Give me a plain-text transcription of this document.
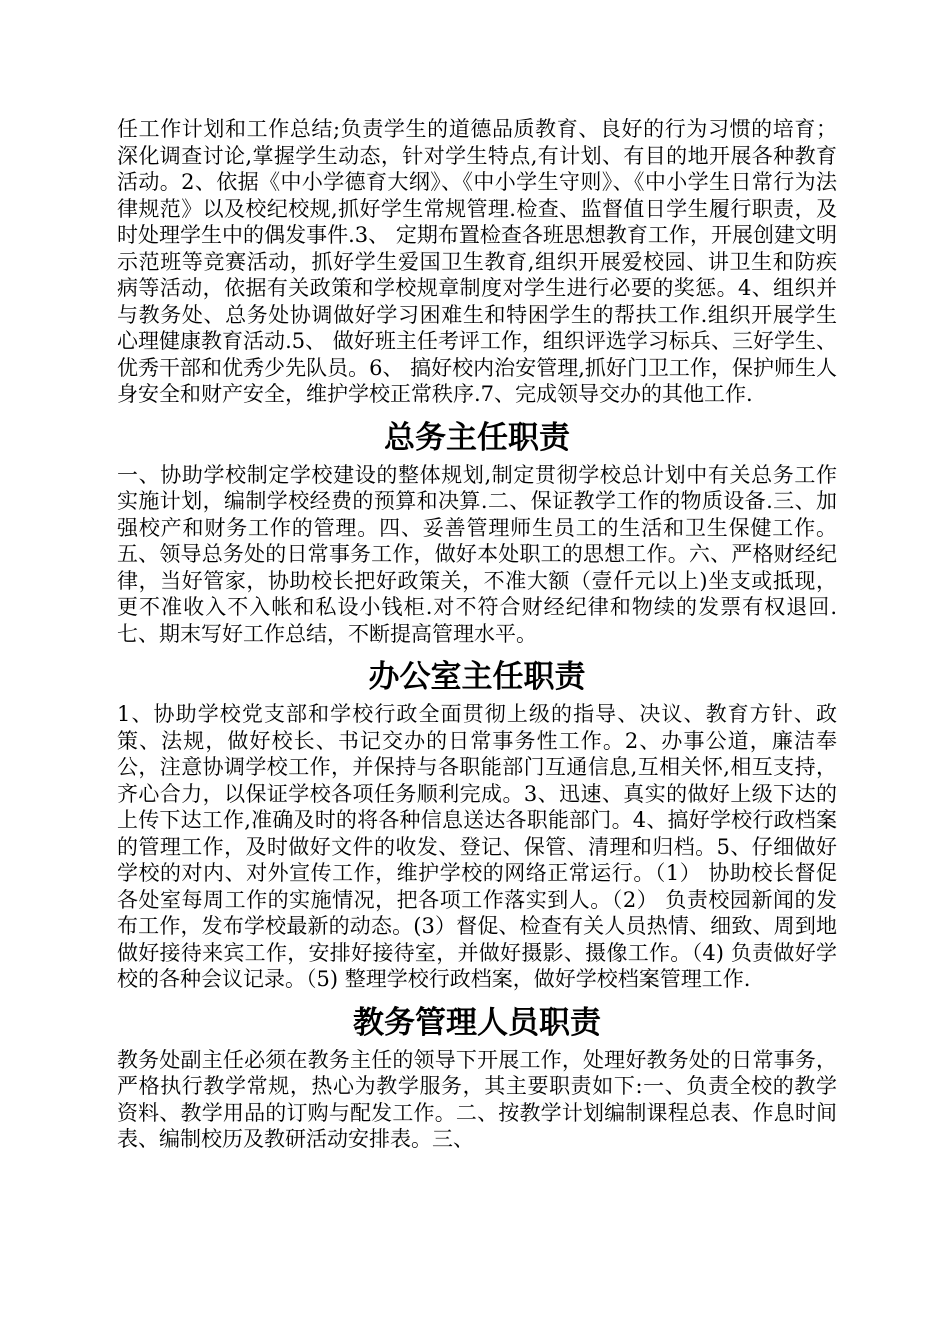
任工作计划和工作总结;负责学生的道德品质教育、良好的行为习惯的培育；深化调查讨论,掌握学生动态，针对学生特点,有计划、有目的地开展各种教育活动。2、依据《中小学德育大纲》、《中小学生守则》、《中小学生日常行为法律规范》以及校纪校规,抓好学生常规管理.检查、监督值日学生履行职责，及时处理学生中的偶发事件.3、 定期布置检查各班思想教育工作，开展创建文明示范班等竞赛活动，抓好学生爱国卫生教育,组织开展爱校园、讲卫生和防疾病等活动，依据有关政策和学校规章制度对学生进行必要的奖惩。4、组织并与教务处、总务处协调做好学习困难生和特困学生的帮扶工作.组织开展学生心理健康教育活动.5、 做好班主任考评工作，组织评选学习标兵、三好学生、优秀干部和优秀少先队员。6、 搞好校内治安管理,抓好门卫工作，保护师生人身安全和财产安全，维护学校正常秩序.7、完成领导交办的其他工作.

总务主任职责

一、协助学校制定学校建设的整体规划,制定贯彻学校总计划中有关总务工作实施计划，编制学校经费的预算和决算.二、保证教学工作的物质设备.三、加强校产和财务工作的管理。四、妥善管理师生员工的生活和卫生保健工作。五、领导总务处的日常事务工作，做好本处职工的思想工作。六、严格财经纪律，当好管家，协助校长把好政策关，不准大额（壹仟元以上)坐支或抵现，更不准收入不入帐和私设小钱柜.对不符合财经纪律和物续的发票有权退回.七、期末写好工作总结，不断提高管理水平。

办公室主任职责

1、协助学校党支部和学校行政全面贯彻上级的指导、决议、教育方针、政策、法规，做好校长、书记交办的日常事务性工作。2、办事公道，廉洁奉公，注意协调学校工作，并保持与各职能部门互通信息,互相关怀,相互支持，齐心合力，以保证学校各项任务顺利完成。3、迅速、真实的做好上级下达的上传下达工作,准确及时的将各种信息送达各职能部门。4、搞好学校行政档案的管理工作，及时做好文件的收发、登记、保管、清理和归档。5、仔细做好学校的对内、对外宣传工作，维护学校的网络正常运行。（1） 协助校长督促各处室每周工作的实施情况，把各项工作落实到人。（2） 负责校园新闻的发布工作，发布学校最新的动态。(3）督促、检查有关人员热情、细致、周到地做好接待来宾工作，安排好接待室，并做好摄影、摄像工作。（4) 负责做好学校的各种会议记录。（5) 整理学校行政档案，做好学校档案管理工作.

教务管理人员职责

教务处副主任必须在教务主任的领导下开展工作，处理好教务处的日常事务，严格执行教学常规，热心为教学服务，其主要职责如下:一、负责全校的教学资料、教学用品的订购与配发工作。二、按教学计划编制课程总表、作息时间表、编制校历及教研活动安排表。三、
